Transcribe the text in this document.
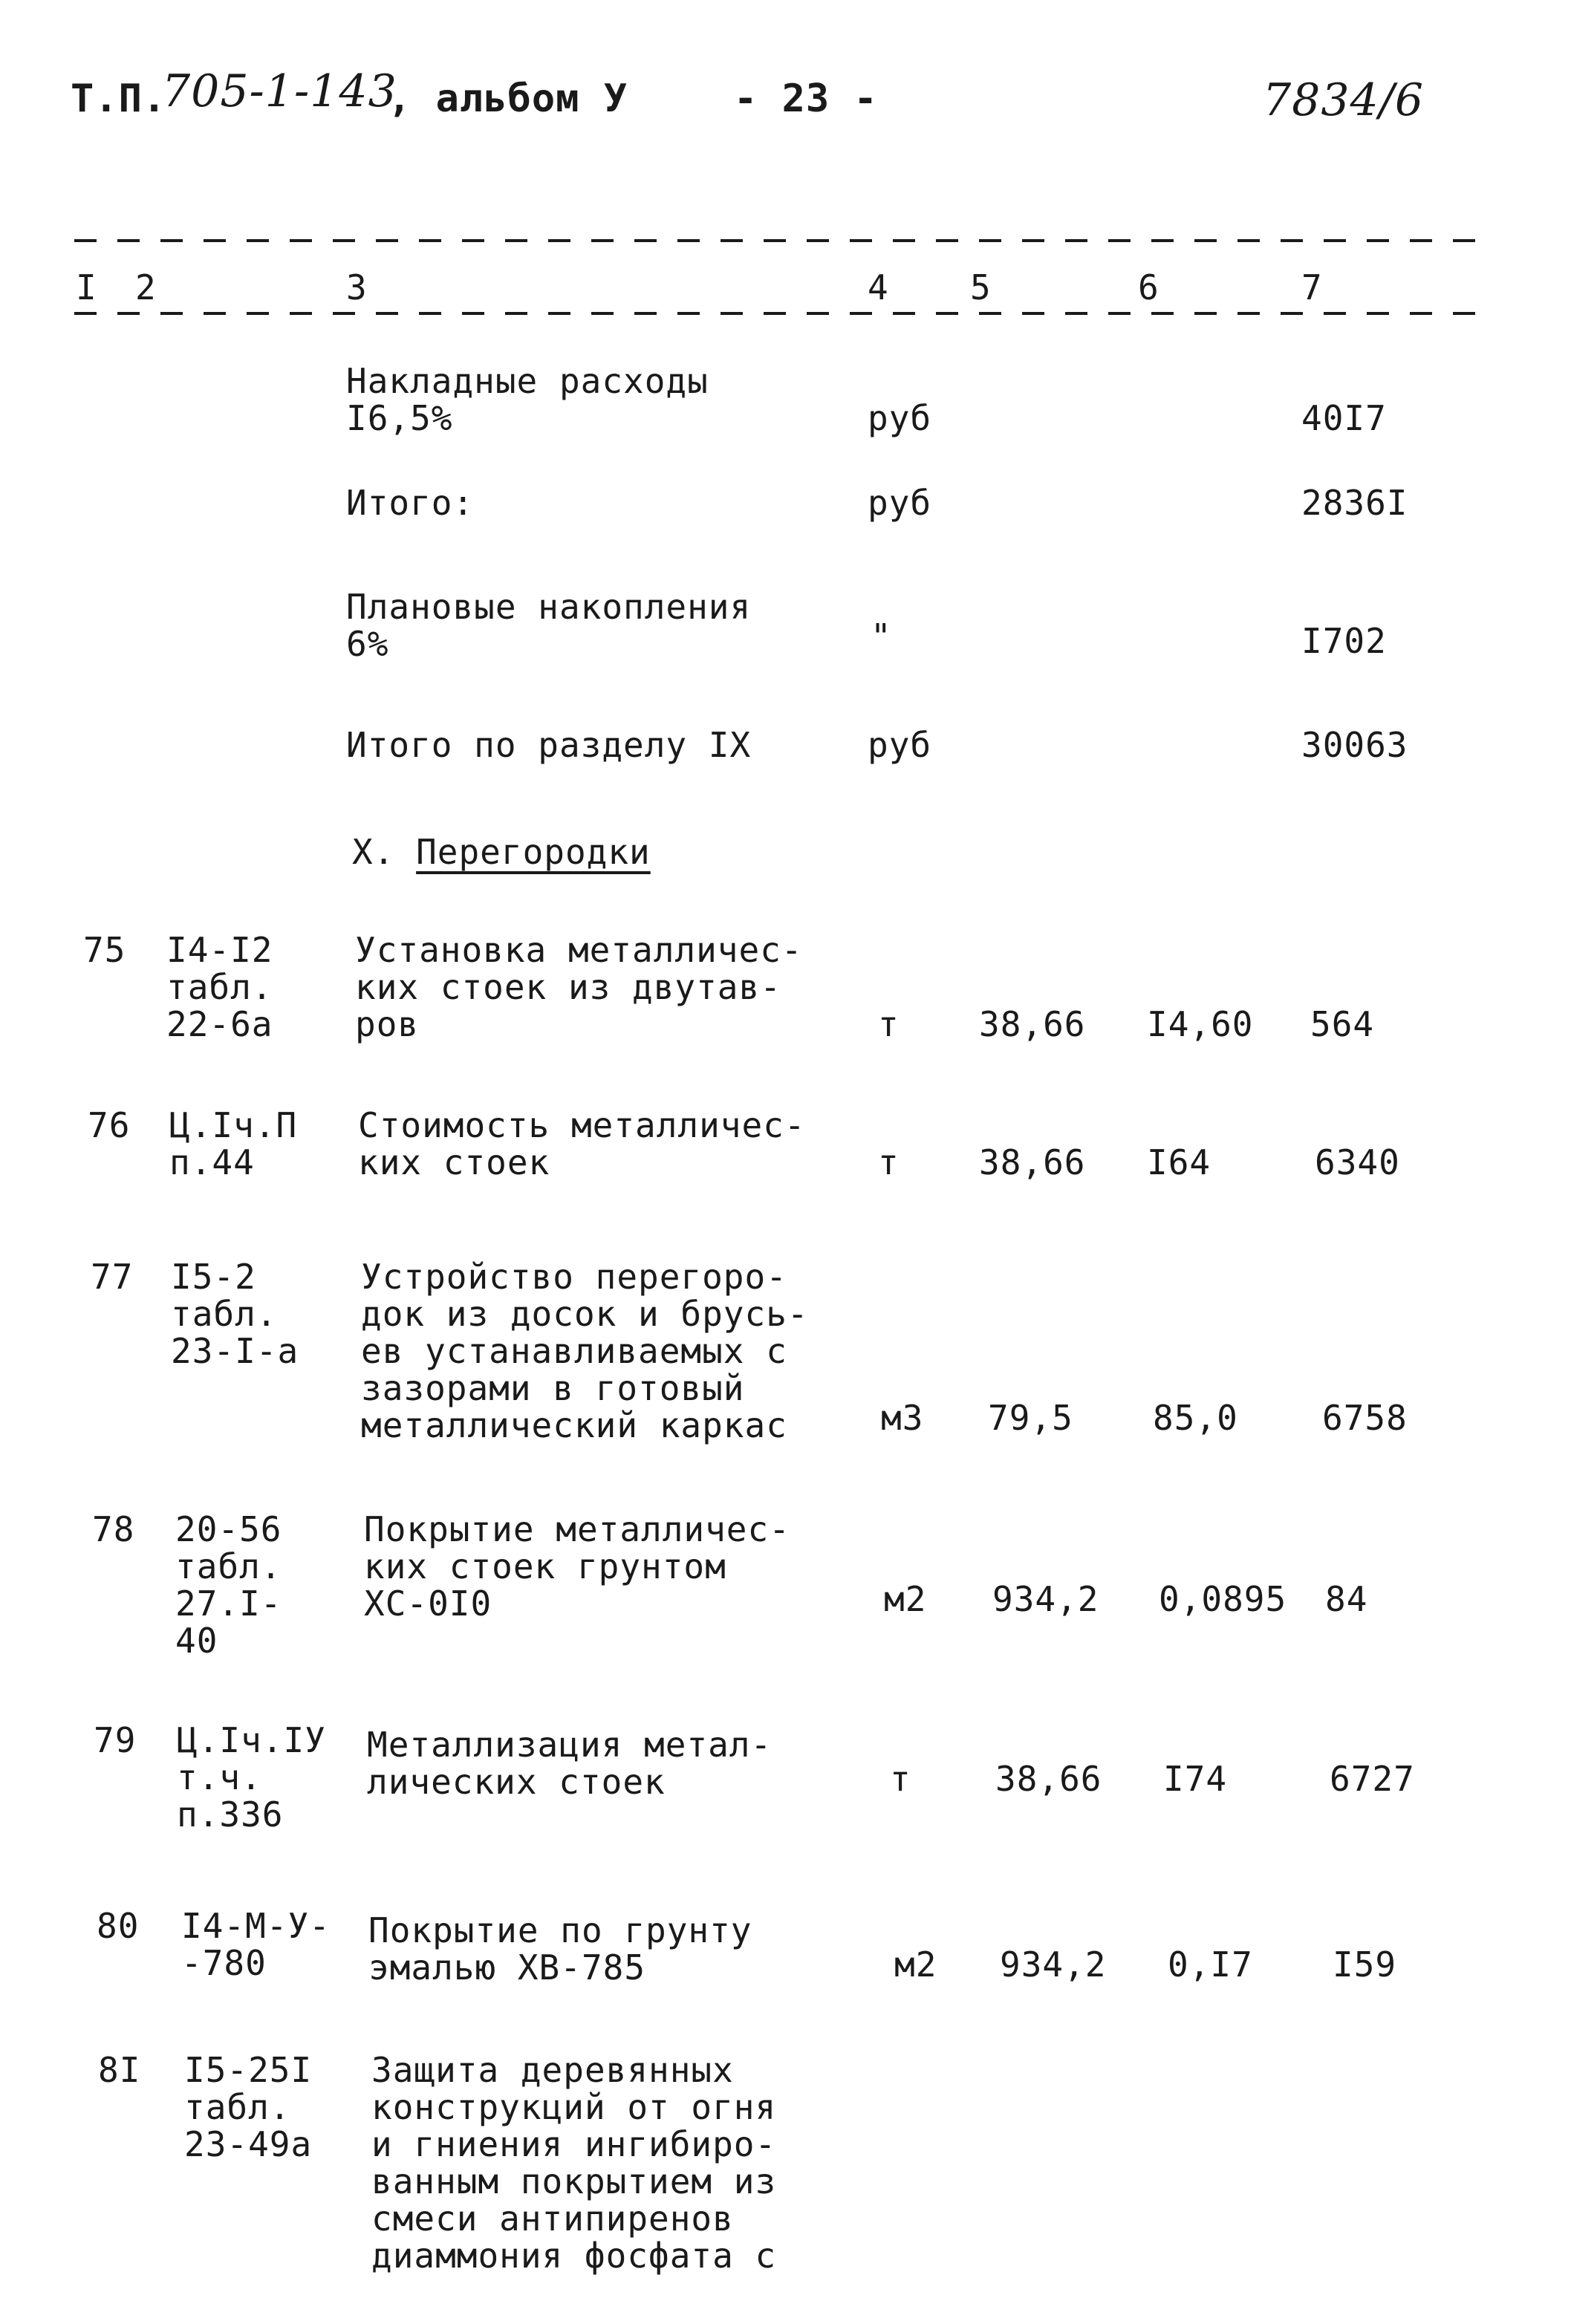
Т.П.
705-1-143
, альбом У	- 23 -	7834/6
I 2	3	4 5	6	7
Накладные расходы
I6,5%	руб	40I7
Итого:	руб	2836I
Плановые накопления
6%	"	I702
Итого по разделу IX	руб	30063
X. Перегородки
75 I4-I2
табл.
22-6а
Установка металличес-
ких стоек из двутав-
ров	т 38,66 I4,60 564
76 Ц.Iч.П
п.44
Стоимость металличес-
ких стоек	т 38,66 I64	6340
77 I5-2
табл.
23-I-а
Устройство перегоро-
док из досок и брусь-
ев устанавливаемых с
зазорами в готовый
металлический каркас	м3 79,5 85,0 6758
78 20-56
табл.
27.I-
40
Покрытие металличес-
ких стоек грунтом
ХС-0I0	м2 934,2 0,0895 84
79 Ц.Iч.IУ
т.ч.
п.336
Металлизация метал-
лических стоек	т 38,66 I74	6727
80 I4-М-У-
-780
Покрытие по грунту
эмалью ХВ-785	м2 934,2 0,I7 I59
8I I5-25I
табл.
23-49а
Защита деревянных
конструкций от огня
и гниения ингибиро-
ванным покрытием из
смеси антипиренов
диаммония фосфата с
